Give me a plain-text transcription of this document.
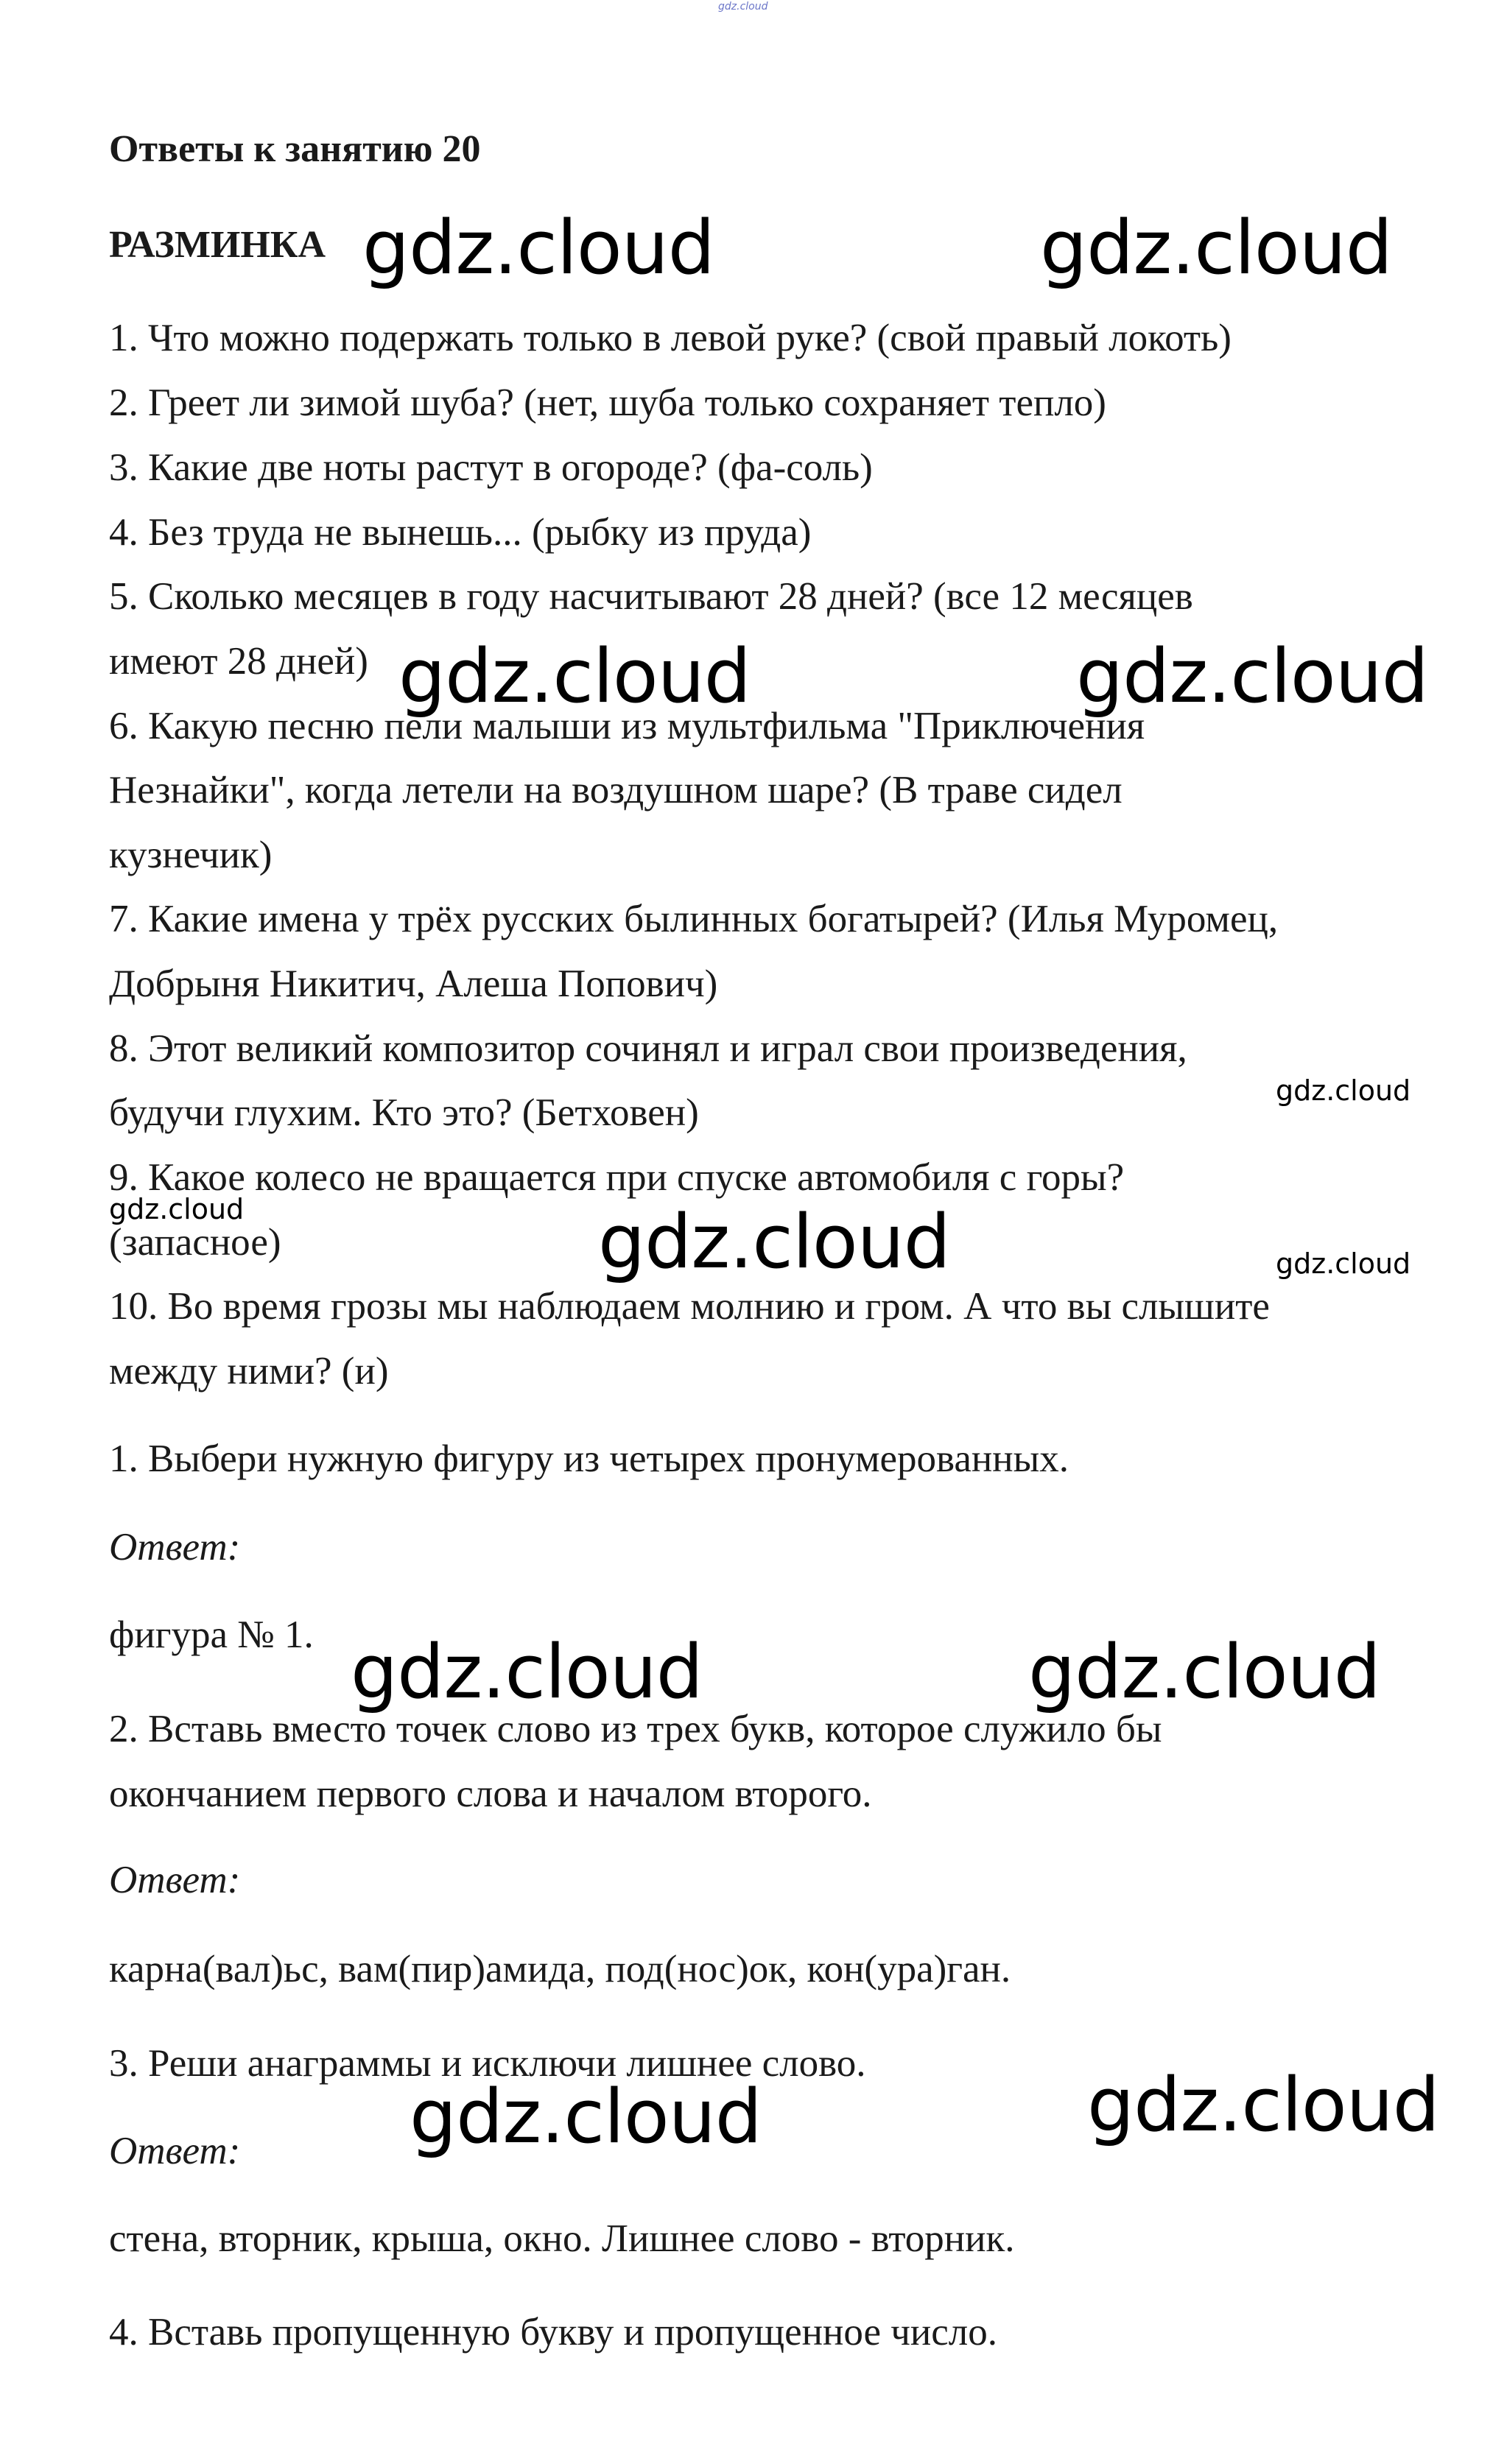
gdz.cloud
Ответы к занятию 20
РАЗМИНКА
1. Что можно подержать только в левой руке? (свой правый локоть)
2. Греет ли зимой шуба? (нет, шуба только сохраняет тепло)
3. Какие две ноты растут в огороде? (фа-соль)
4. Без труда не вынешь... (рыбку из пруда)
5. Сколько месяцев в году насчитывают 28 дней? (все 12 месяцев
имеют 28 дней)
6. Какую песню пели малыши из мультфильма "Приключения
Незнайки", когда летели на воздушном шаре? (В траве сидел
кузнечик)
7. Какие имена у трёх русских былинных богатырей? (Илья Муромец,
Добрыня Никитич, Алеша Попович)
8. Этот великий композитор сочинял и играл свои произведения,
будучи глухим. Кто это? (Бетховен)
9. Какое колесо не вращается при спуске автомобиля с горы?
(запасное)
10. Во время грозы мы наблюдаем молнию и гром. А что вы слышите
между ними? (и)
1. Выбери нужную фигуру из четырех пронумерованных.
Ответ:
фигура № 1.
2. Вставь вместо точек слово из трех букв, которое служило бы
окончанием первого слова и началом второго.
Ответ:
карна(вал)ьс, вам(пир)амида, под(нос)ок, кон(ура)ган.
3. Реши анаграммы и исключи лишнее слово.
Ответ:
стена, вторник, крыша, окно. Лишнее слово - вторник.
4. Вставь пропущенную букву и пропущенное число.
gdz.cloud	gdz.cloud
gdz.cloud	gdz.cloud
gdz.cloud
gdz.cloud	gdz.cloud	gdz.cloud
gdz.cloud	gdz.cloud
gdz.cloud	gdz.cloud
